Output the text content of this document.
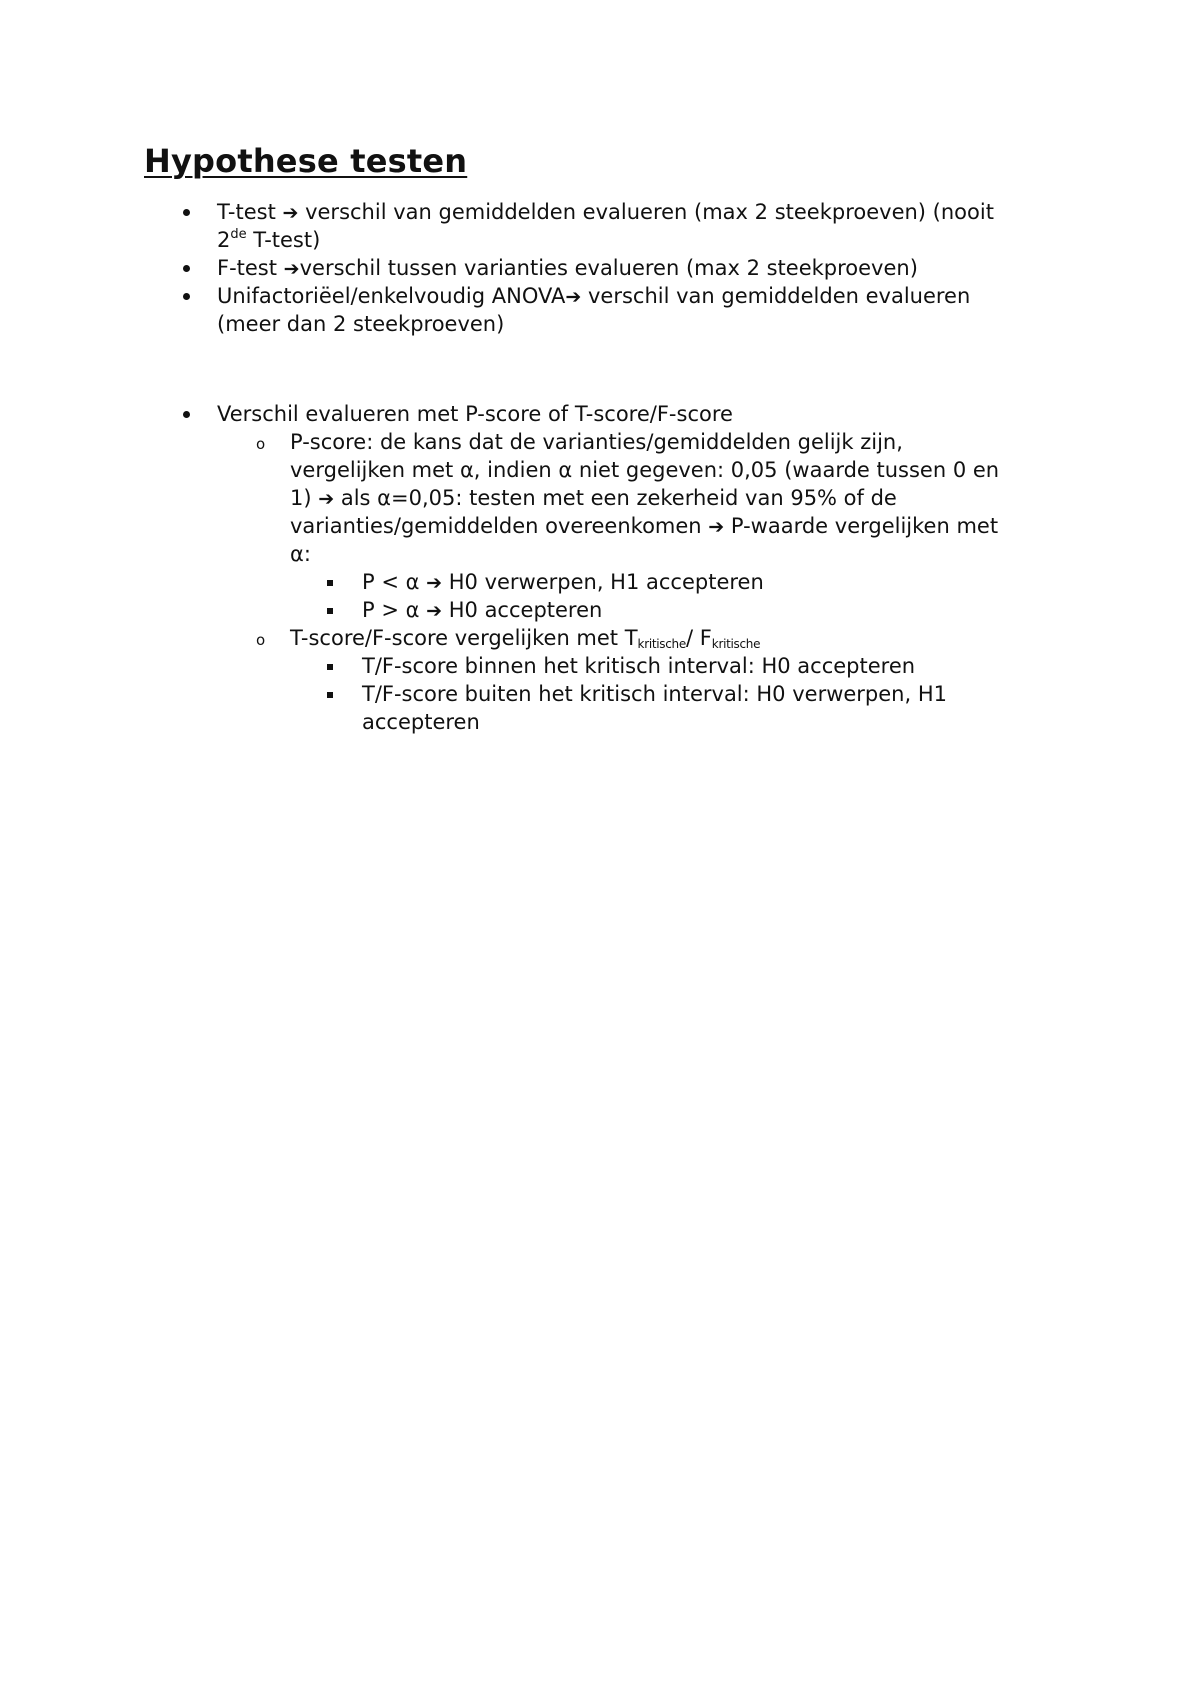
Hypothese testen
T-test ➔ verschil van gemiddelden evalueren (max 2 steekproeven) (nooit
2de T-test)
F-test ➔verschil tussen varianties evalueren (max 2 steekproeven)
Unifactoriëel/enkelvoudig ANOVA➔ verschil van gemiddelden evalueren
(meer dan 2 steekproeven)
Verschil evalueren met P-score of T-score/F-score
o P-score: de kans dat de varianties/gemiddelden gelijk zijn,
vergelijken met α, indien α niet gegeven: 0,05 (waarde tussen 0 en
1) ➔ als α=0,05: testen met een zekerheid van 95% of de
varianties/gemiddelden overeenkomen ➔ P-waarde vergelijken met
α:
P < α ➔ H0 verwerpen, H1 accepteren
P > α ➔ H0 accepteren
o T-score/F-score vergelijken met $T_{kritische}/$ $F_{kritische}$
T/F-score binnen het kritisch interval: H0 accepteren
T/F-score buiten het kritisch interval: H0 verwerpen, H1
accepteren
